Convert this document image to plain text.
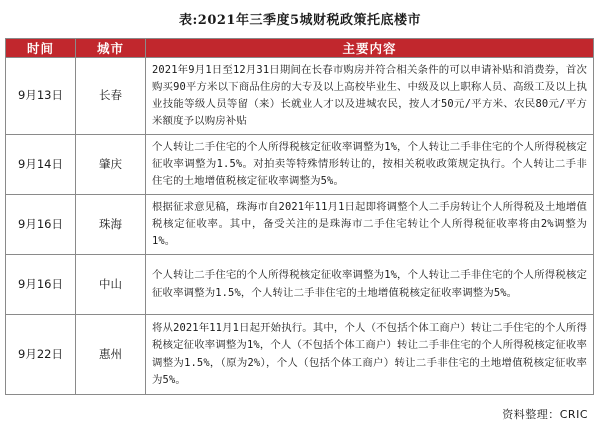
表:2021年三季度5城财税政策托底楼市
时间	城市	主要内容
9月13日	长春	2021年9月1日至12月31日期间在长春市购房并符合相关条件的可以申请补贴和消费券，首次购买90平方米以下商品住房的大专及以上高校毕业生、中级及以上职称人员、高级工及以上执业技能等级人员等留（来）长就业人才以及进城农民，按人才50元/平方米、农民80元/平方米额度予以购房补贴
9月14日	肇庆	个人转让二手住宅的个人所得税核定征收率调整为1%，个人转让二手非住宅的个人所得税核定征收率调整为1.5%。对拍卖等特殊情形转让的，按相关税收政策规定执行。个人转让二手非住宅的土地增值税核定征收率调整为5%。
9月16日	珠海	根据征求意见稿，珠海市自2021年11月1日起即将调整个人二手房转让个人所得税及土地增值税核定征收率。其中，备受关注的是珠海市二手住宅转让个人所得税征收率将由2%调整为1%。
9月16日	中山	个人转让二手住宅的个人所得税核定征收率调整为1%，个人转让二手非住宅的个人所得税核定征收率调整为1.5%，个人转让二手非住宅的土地增值税核定征收率调整为5%。
9月22日	惠州	将从2021年11月1日起开始执行。其中，个人（不包括个体工商户）转让二手住宅的个人所得税核定征收率调整为1%，个人（不包括个体工商户）转让二手非住宅的个人所得税核定征收率调整为1.5%，（原为2%），个人（包括个体工商户）转让二手非住宅的土地增值税核定征收率为5%。
资料整理：CRIC
